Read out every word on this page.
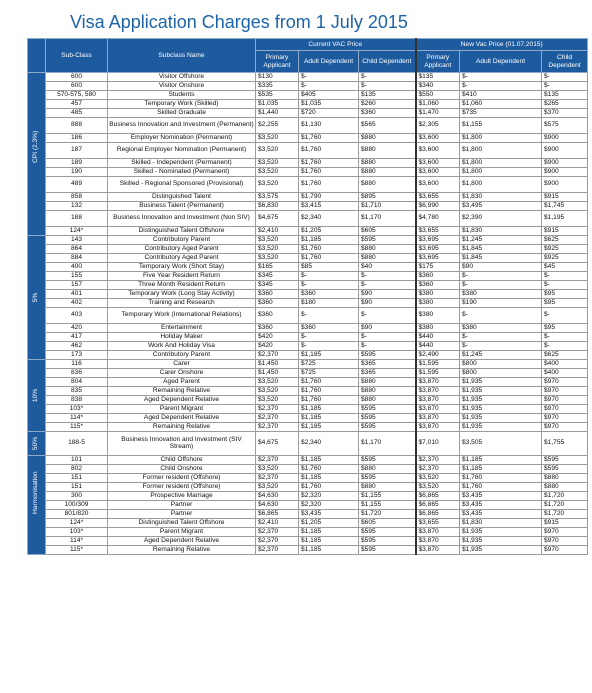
Visa Application Charges from 1 July 2015
	Sub-Class	Subclass Name	Current VAC Price			New Vac Price (01.07.2015)		
			Primary Applicant	Adult Dependent	Child Dependent	Primary Applicant	Adult Dependent	Child Dependent

CPI (2.3%)	600	Visitor Offshore	$130	$-	$-	$135	$-	$-
	600	Visitor Onshore	$335	$-	$-	$340	$-	$-
	570-575, 580	Students	$535	$405	$135	$550	$410	$135
	457	Temporary Work (Skilled)	$1,035	$1,035	$260	$1,060	$1,060	$265
	485	Skilled Graduate	$1,440	$720	$360	$1,470	$735	$370
	888	Business Innovation and Investment (Permanent)	$2,255	$1,130	$565	$2,305	$1,155	$575
	186	Employer Nomination (Permanent)	$3,520	$1,760	$880	$3,600	$1,800	$900
	187	Regional Employer Nomination (Permanent)	$3,520	$1,760	$880	$3,600	$1,800	$900
	189	Skilled - Independent (Permanent)	$3,520	$1,760	$880	$3,600	$1,800	$900
	190	Skilled - Nominated (Permanent)	$3,520	$1,760	$880	$3,600	$1,800	$900
	489	Skilled - Regional Sponsored (Provisional)	$3,520	$1,760	$880	$3,600	$1,800	$900
	858	Distinguished Talent	$3,575	$1,790	$895	$3,655	$1,830	$915
	132	Business Talent (Permanent)	$6,830	$3,415	$1,710	$6,990	$3,495	$1,745
	188	Business Innovation and Investment (Non SIV)	$4,675	$2,340	$1,170	$4,780	$2,390	$1,195
	124*	Distinguished Talent Offshore	$2,410	$1,205	$605	$3,655	$1,830	$915

5%	143	Contributory Parent	$3,520	$1,185	$595	$3,695	$1,245	$625
	864	Contributory Aged Parent	$3,520	$1,760	$880	$3,695	$1,845	$925
	884	Contributory Aged Parent	$3,520	$1,760	$880	$3,695	$1,845	$925
	400	Temporary Work (Short Stay)	$165	$85	$40	$175	$90	$45
	155	Five Year Resident Return	$345	$-	$-	$360	$-	$-
	157	Three Month Resident Return	$345	$-	$-	$360	$-	$-
	401	Temporary Work (Long Stay Activity)	$360	$360	$90	$380	$380	$95
	402	Training and Research	$360	$180	$90	$380	$190	$95
	403	Temporary Work (International Relations)	$360	$-	$-	$380	$-	$-
	420	Entertainment	$360	$360	$90	$380	$380	$95
	417	Holiday Maker	$420	$-	$-	$440	$-	$-
	462	Work And Holiday Visa	$420	$-	$-	$440	$-	$-
	173	Contributory Parent	$2,370	$1,185	$595	$2,490	$1,245	$625

10%	116	Carer	$1,450	$725	$365	$1,595	$800	$400
	836	Carer Onshore	$1,450	$725	$365	$1,595	$800	$400
	804	Aged Parent	$3,520	$1,760	$880	$3,870	$1,935	$970
	835	Remaining Relative	$3,520	$1,760	$880	$3,870	$1,935	$970
	838	Aged Dependent Relative	$3,520	$1,760	$880	$3,870	$1,935	$970
	103*	Parent Migrant	$2,370	$1,185	$595	$3,870	$1,935	$970
	114*	Aged Dependent Relative	$2,370	$1,185	$595	$3,870	$1,935	$970
	115*	Remaining Relative	$2,370	$1,185	$595	$3,870	$1,935	$970

50%	188-5	Business Innovation and Investment (SIV Stream)	$4,675	$2,340	$1,170	$7,010	$3,505	$1,755

Harmonisation	101	Child Offshore	$2,370	$1,185	$595	$2,370	$1,185	$595
	802	Child Onshore	$3,520	$1,760	$880	$2,370	$1,185	$595
	151	Former resident (Offshore)	$2,370	$1,185	$595	$3,520	$1,760	$880
	151	Former resident (Offshore)	$3,520	$1,760	$880	$3,520	$1,760	$880
	300	Prospective Marriage	$4,630	$2,320	$1,155	$6,865	$3,435	$1,720
	100/309	Partner	$4,630	$2,320	$1,155	$6,865	$3,435	$1,720
	801/820	Partner	$6,865	$3,435	$1,720	$6,865	$3,435	$1,720
	124*	Distinguished Talent Offshore	$2,410	$1,205	$605	$3,655	$1,830	$915
	103*	Parent Migrant	$2,370	$1,185	$595	$3,870	$1,935	$970
	114*	Aged Dependent Relative	$2,370	$1,185	$595	$3,870	$1,935	$970
	115*	Remaining Relative	$2,370	$1,185	$595	$3,870	$1,935	$970
